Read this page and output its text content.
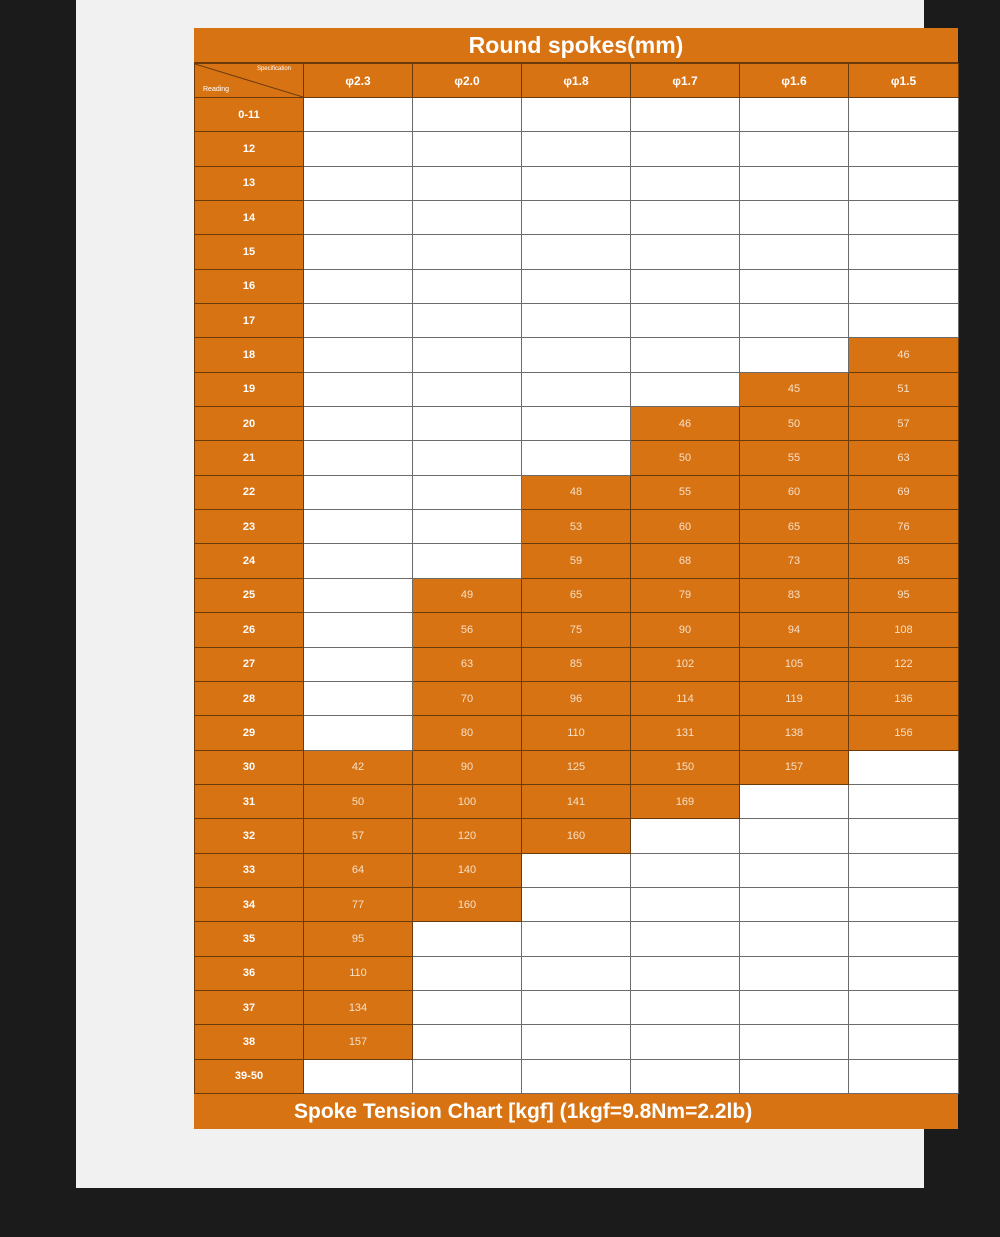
Round spokes(mm)
Specification
Reading	φ2.3	φ2.0	φ1.8	φ1.7	φ1.6	φ1.5
0-11						
12						
13						
14						
15						
16						
17						
18						46
19					45	51
20				46	50	57
21				50	55	63
22			48	55	60	69
23			53	60	65	76
24			59	68	73	85
25		49	65	79	83	95
26		56	75	90	94	108
27		63	85	102	105	122
28		70	96	114	119	136
29		80	110	131	138	156
30	42	90	125	150	157	
31	50	100	141	169		
32	57	120	160			
33	64	140				
34	77	160				
35	95					
36	110					
37	134					
38	157					
39-50						
Spoke Tension Chart [kgf] (1kgf=9.8Nm=2.2lb)
